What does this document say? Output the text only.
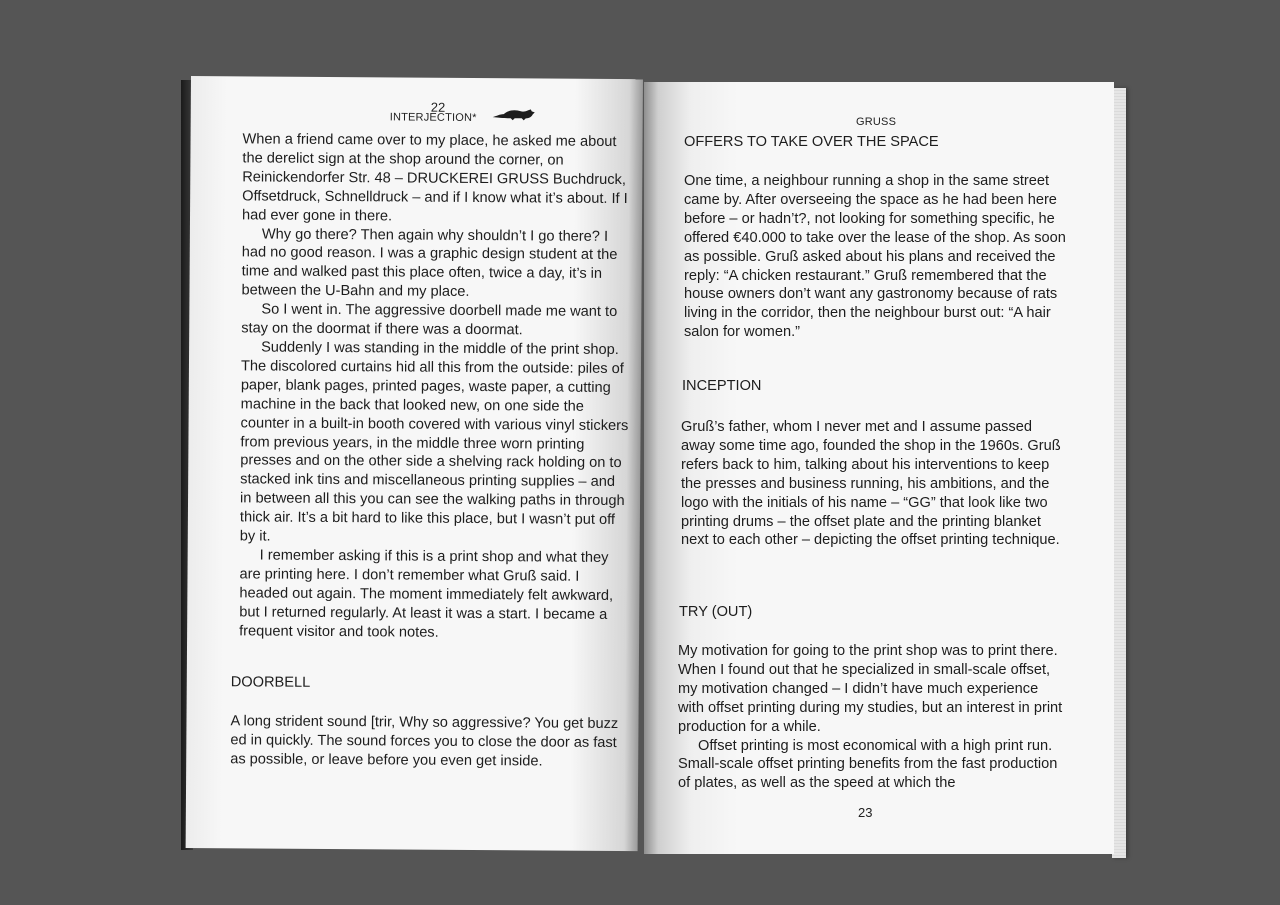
22
INTERJECTION*

When a friend came over to my place, he asked me about the derelict sign at the shop around the corner, on Reinickendorfer Str. 48 – DRUCKEREI GRUSS Buchdruck, Offsetdruck, Schnelldruck – and if I know what it’s about. If I had ever gone in there.

Why go there? Then again why shouldn’t I go there? I had no good reason. I was a graphic design student at the time and walked past this place often, twice a day, it’s in between the U-Bahn and my place.

So I went in. The aggressive doorbell made me want to stay on the doormat if there was a doormat.

Suddenly I was standing in the middle of the print shop. The discolored curtains hid all this from the outside: piles of paper, blank pages, printed pages, waste paper, a cutting machine in the back that looked new, on one side the counter in a built-in booth covered with various vinyl stickers from previous years, in the middle three worn printing presses and on the other side a shelving rack holding on to stacked ink tins and miscellaneous printing supplies – and in between all this you can see the walking paths in through thick air. It’s a bit hard to like this place, but I wasn’t put off by it.

I remember asking if this is a print shop and what they are printing here. I don’t remember what Gruß said. I headed out again. The moment immediately felt awkward, but I returned regularly. At least it was a start. I became a frequent visitor and took notes.

DOORBELL

A long strident sound [trir, Why so aggressive? You get buzzed in quickly. The sound forces you to close the door as fast as possible, or leave before you even get inside.

GRUSS
OFFERS TO TAKE OVER THE SPACE

One time, a neighbour running a shop in the same street came by. After overseeing the space as he had been here before – or hadn’t?, not looking for something specific, he offered €40.000 to take over the lease of the shop. As soon as possible. Gruß asked about his plans and received the reply: “A chicken restaurant.” Gruß remembered that the house owners don’t want any gastronomy because of rats living in the corridor, then the neighbour burst out: “A hair salon for women.”

INCEPTION

Gruß’s father, whom I never met and I assume passed away some time ago, founded the shop in the 1960s. Gruß refers back to him, talking about his interventions to keep the presses and business running, his ambitions, and the logo with the initials of his name – “GG” that look like two printing drums – the offset plate and the printing blanket next to each other – depicting the offset printing technique.

TRY (OUT)

My motivation for going to the print shop was to print there. When I found out that he specialized in small-scale offset, my motivation changed – I didn’t have much experience with offset printing during my studies, but an interest in print production for a while.

Offset printing is most economical with a high print run. Small-scale offset printing benefits from the fast production of plates, as well as the speed at which the

23
